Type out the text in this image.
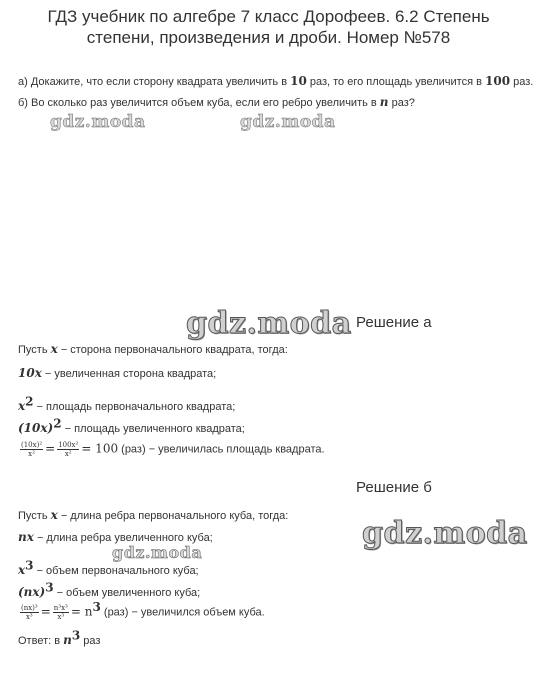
ГДЗ учебник по алгебре 7 класс Дорофеев. 6.2 Степень
степени, произведения и дроби. Номер №578
а) Докажите, что если сторону квадрата увеличить в 10 раз, то его площадь увеличится в 100 раз.
б) Во сколько раз увеличится объем куба, если его ребро увеличить в n раз?
gdz.moda	gdz.moda
gdz.moda Решение а
Пусть x − сторона первоначального квадрата, тогда:
10x − увеличенная сторона квадрата;
$x^2$ − площадь первоначального квадрата;
$(10x)^2$ − площадь увеличенного квадрата;
$\frac{\text{(10x)²}}{\text{x²}} = \frac{\text{100x²}}{\text{x²}} = 100$ (раз) − увеличилась площадь квадрата.
Решение б
Пусть x − длина ребра первоначального куба, тогда: gdz.moda
nx − длина ребра увеличенного куба;
gdz.moda
$x^3$ − объем первоначального куба;
(nx)$^3$ − объем увеличенного куба;
$\frac{\text{(nx)³}}{\text{x³}} = \frac{\text{n³x³}}{\text{x³}} = n^3$ (раз) − увеличился объем куба.
Ответ: в $n^3$ раз
